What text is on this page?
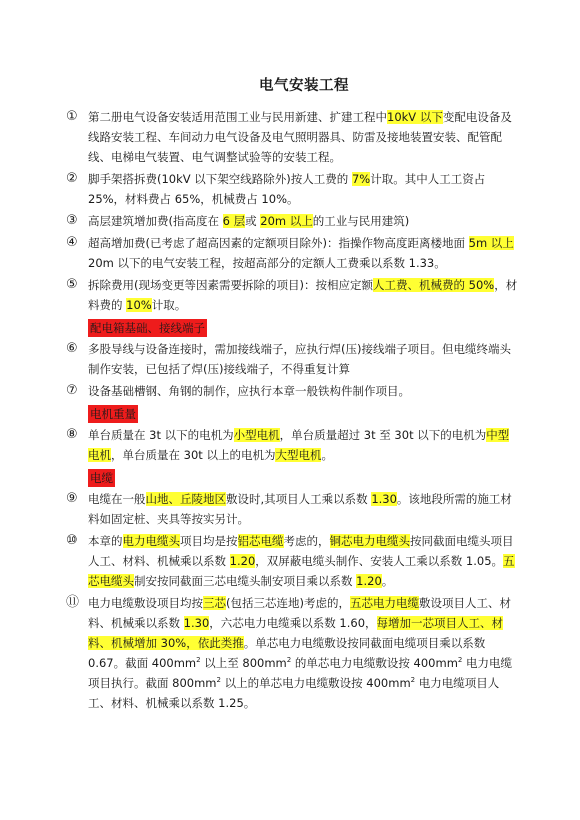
电气安装工程
① 第二册电气设备安装适用范围工业与民用新建、扩建工程中10kV 以下变配电设备及线路安装工程、车间动力电气设备及电气照明器具、防雷及接地装置安装、配管配线、电梯电气装置、电气调整试验等的安装工程。
② 脚手架搭拆费(10kV 以下架空线路除外)按人工费的 7%计取。其中人工工资占 25%，材料费占 65%，机械费占 10%。
③ 高层建筑增加费(指高度在 6 层或 20m 以上的工业与民用建筑)
④ 超高增加费(已考虑了超高因素的定额项目除外)：指操作物高度距离楼地面 5m 以上 20m 以下的电气安装工程，按超高部分的定额人工费乘以系数 1.33。
⑤ 拆除费用(现场变更等因素需要拆除的项目)：按相应定额人工费、机械费的 50%，材料费的 10%计取。
配电箱基础、接线端子
⑥ 多股导线与设备连接时，需加接线端子，应执行焊(压)接线端子项目。但电缆终端头制作安装，已包括了焊(压)接线端子，不得重复计算
⑦ 设备基础槽钢、角钢的制作，应执行本章一般铁构件制作项目。
电机重量
⑧ 单台质量在 3t 以下的电机为小型电机，单台质量超过 3t 至 30t 以下的电机为中型电机，单台质量在 30t 以上的电机为大型电机。
电缆
⑨ 电缆在一般山地、丘陵地区敷设时,其项目人工乘以系数 1.30。该地段所需的施工材料如固定桩、夹具等按实另计。
⑩ 本章的电力电缆头项目均是按铝芯电缆考虑的，铜芯电力电缆头按同截面电缆头项目人工、材料、机械乘以系数 1.20，双屏蔽电缆头制作、安装人工乘以系数 1.05。五芯电缆头制安按同截面三芯电缆头制安项目乘以系数 1.20。
⑪ 电力电缆敷设项目均按三芯(包括三芯连地)考虑的，五芯电力电缆敷设项目人工、材料、机械乘以系数 1.30，六芯电力电缆乘以系数 1.60，每增加一芯项目人工、材料、机械增加 30%，依此类推。单芯电力电缆敷设按同截面电缆项目乘以系数 0.67。截面 $400mm^2$ 以上至 $800mm^2$ 的单芯电力电缆敷设按 $400mm^2$ 电力电缆项目执行。截面 $800mm^2$ 以上的单芯电力电缆敷设按 $400mm^2$ 电力电缆项目人工、材料、机械乘以系数 1.25。
